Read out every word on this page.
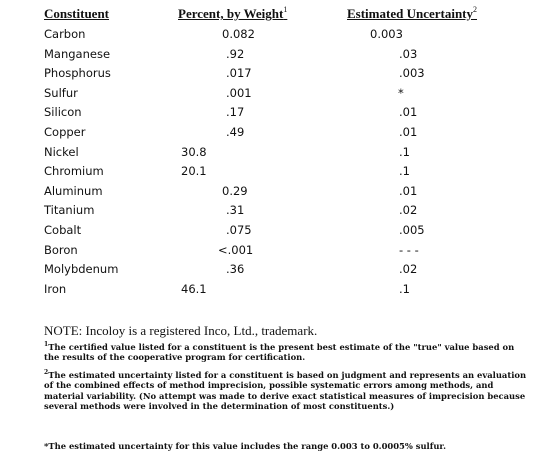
Constituent	Percent, by Weight$^1$	Estimated Uncertainty$^2$
Carbon	0.082	0.003
Manganese	.92	.03
Phosphorus	.017	.003
Sulfur	.001	*
Silicon	.17	.01
Copper	.49	.01
Nickel	30.8	.1
Chromium	20.1	.1
Aluminum	0.29	.01
Titanium	.31	.02
Cobalt	.075	.005
Boron	<.001	- - -
Molybdenum	.36	.02
Iron	46.1	.1
NOTE: Incoloy is a registered Inco, Ltd., trademark.
$^1$The certified value listed for a constituent is the present best estimate of the "true" value based on the results of the cooperative program for certification.
$^2$The estimated uncertainty listed for a constituent is based on judgment and represents an evaluation of the combined effects of method imprecision, possible systematic errors among methods, and material variability. (No attempt was made to derive exact statistical measures of imprecision because several methods were involved in the determination of most constituents.)
*The estimated uncertainty for this value includes the range 0.003 to 0.0005% sulfur.
